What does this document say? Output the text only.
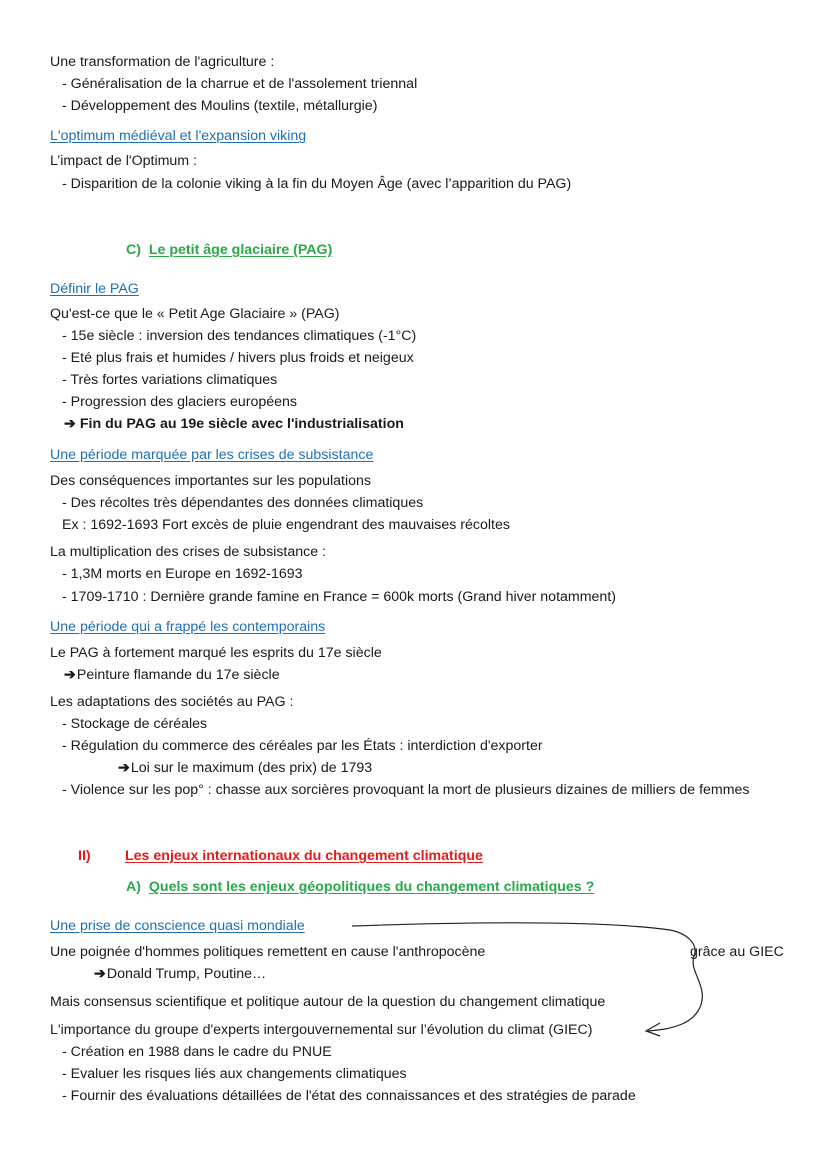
Une transformation de l'agriculture :
- Généralisation de la charrue et de l'assolement triennal
- Développement des Moulins (textile, métallurgie)
L'optimum médiéval et l'expansion viking
L’impact de l'Optimum :
- Disparition de la colonie viking à la fin du Moyen Âge (avec l’apparition du PAG)
C) Le petit âge glaciaire (PAG)
Définir le PAG
Qu'est-ce que le « Petit Age Glaciaire » (PAG)
- 15e siècle : inversion des tendances climatiques (-1°C)
- Eté plus frais et humides / hivers plus froids et neigeux
- Très fortes variations climatiques
- Progression des glaciers européens
➔ Fin du PAG au 19e siècle avec l'industrialisation
Une période marquée par les crises de subsistance
Des conséquences importantes sur les populations
- Des récoltes très dépendantes des données climatiques
Ex : 1692-1693 Fort excès de pluie engendrant des mauvaises récoltes
La multiplication des crises de subsistance :
- 1,3M morts en Europe en 1692-1693
- 1709-1710 : Dernière grande famine en France = 600k morts (Grand hiver notamment)
Une période qui a frappé les contemporains
Le PAG à fortement marqué les esprits du 17e siècle
➔Peinture flamande du 17e siècle
Les adaptations des sociétés au PAG :
- Stockage de céréales
- Régulation du commerce des céréales par les États : interdiction d'exporter
➔Loi sur le maximum (des prix) de 1793
- Violence sur les pop° : chasse aux sorcières provoquant la mort de plusieurs dizaines de milliers de femmes
II) Les enjeux internationaux du changement climatique
A) Quels sont les enjeux géopolitiques du changement climatiques ?
Une prise de conscience quasi mondiale
Une poignée d'hommes politiques remettent en cause l'anthropocène
➔Donald Trump, Poutine…
Mais consensus scientifique et politique autour de la question du changement climatique
L'importance du groupe d'experts intergouvernemental sur l’évolution du climat (GIEC)
grâce au GIEC
- Création en 1988 dans le cadre du PNUE
- Evaluer les risques liés aux changements climatiques
- Fournir des évaluations détaillées de l'état des connaissances et des stratégies de parade
